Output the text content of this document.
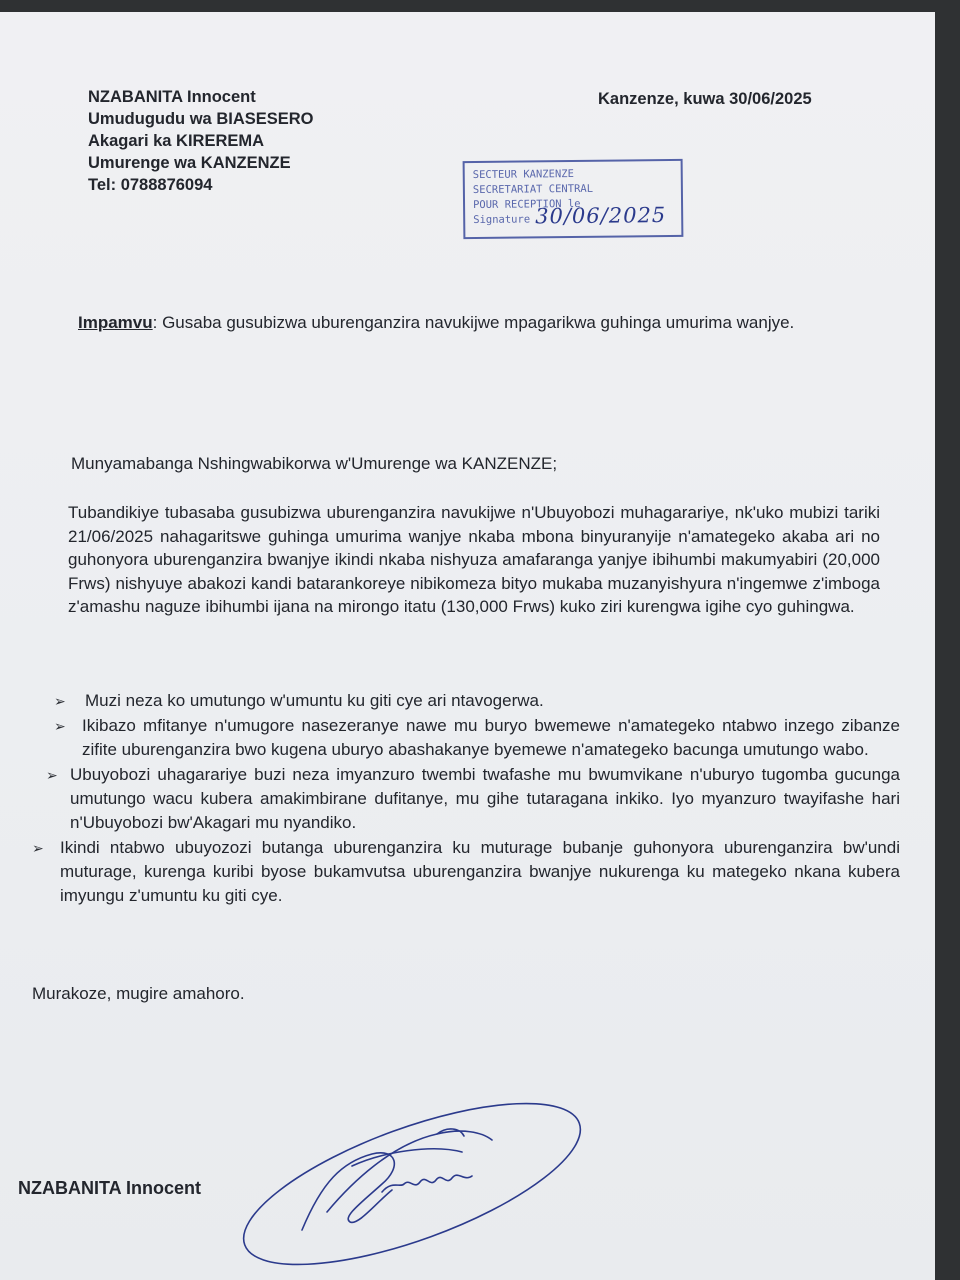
NZABANITA Innocent
Umudugudu wa BIASESERO
Akagari ka KIREREMA
Umurenge wa KANZENZE
Tel: 0788876094
Kanzenze, kuwa 30/06/2025
SECTEUR KANZENZE
SECRETARIAT CENTRAL
POUR RECEPTION le
Signature 30/06/2025
Impamvu: Gusaba gusubizwa uburenganzira navukijwe mpagarikwa guhinga umurima wanjye.
Munyamabanga Nshingwabikorwa w'Umurenge wa KANZENZE;
Tubandikiye tubasaba gusubizwa uburenganzira navukijwe n'Ubuyobozi muhagarariye, nk'uko mubizi tariki 21/06/2025 nahagaritswe guhinga umurima wanjye nkaba mbona binyuranyije n'amategeko akaba ari no guhonyora uburenganzira bwanjye ikindi nkaba nishyuza amafaranga yanjye ibihumbi makumyabiri (20,000 Frws) nishyuye abakozi kandi batarankoreye nibikomeza bityo mukaba muzanyishyura n'ingemwe z'imboga z'amashu naguze ibihumbi ijana na mirongo itatu (130,000 Frws) kuko ziri kurengwa igihe cyo guhingwa.
➢ Muzi neza ko umutungo w'umuntu ku giti cye ari ntavogerwa.
➢ Ikibazo mfitanye n'umugore nasezeranye nawe mu buryo bwemewe n'amategeko ntabwo inzego zibanze zifite uburenganzira bwo kugena uburyo abashakanye byemewe n'amategeko bacunga umutungo wabo.
➢ Ubuyobozi uhagarariye buzi neza imyanzuro twembi twafashe mu bwumvikane n'uburyo tugomba gucunga umutungo wacu kubera amakimbirane dufitanye, mu gihe tutaragana inkiko. Iyo myanzuro twayifashe hari n'Ubuyobozi bw'Akagari mu nyandiko.
➢ Ikindi ntabwo ubuyozozi butanga uburenganzira ku muturage bubanje guhonyora uburenganzira bw'undi muturage, kurenga kuribi byose bukamvutsa uburenganzira bwanjye nukurenga ku mategeko nkana kubera imyungu z'umuntu ku giti cye.
Murakoze, mugire amahoro.
NZABANITA Innocent
